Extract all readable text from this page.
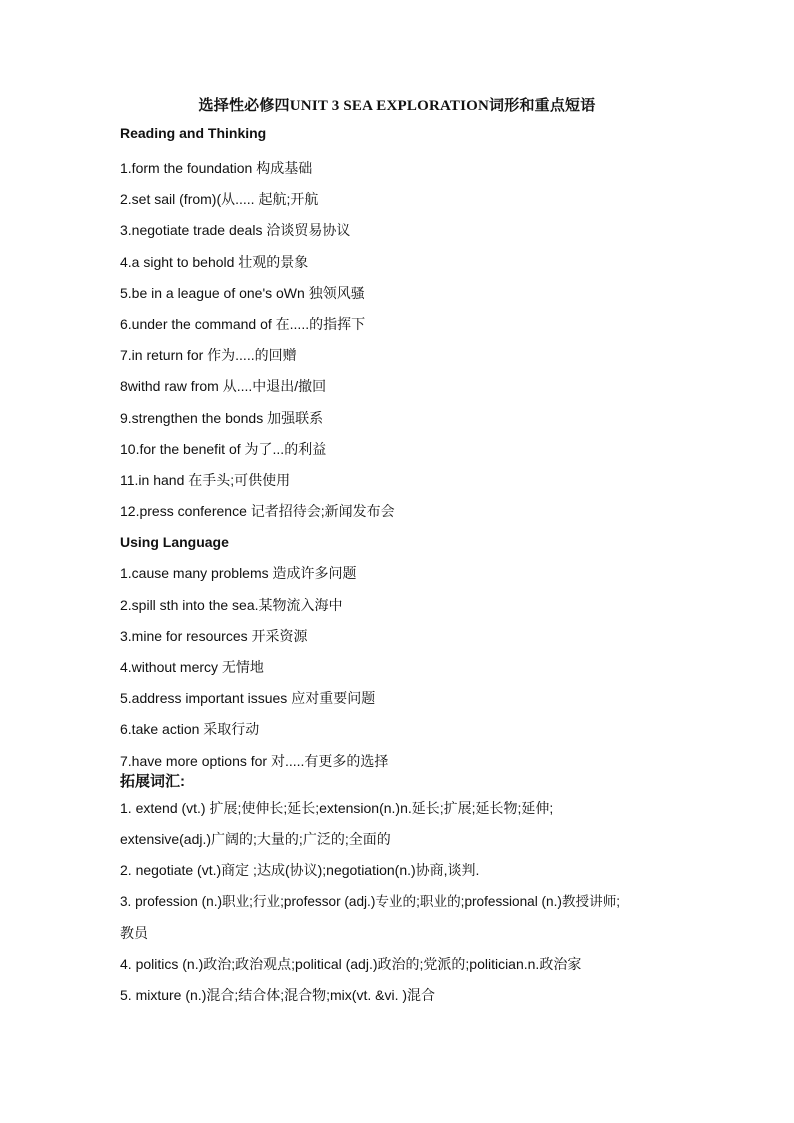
选择性必修四UNIT 3 SEA EXPLORATION词形和重点短语
Reading and Thinking
1.form the foundation 构成基础
2.set sail (from)(从..... 起航;开航
3.negotiate trade deals 洽谈贸易协议
4.a sight to behold 壮观的景象
5.be in a league of one's oWn 独领风骚
6.under the command of 在.....的指挥下
7.in return for 作为.....的回赠
8withd raw from 从....中退出/撤回
9.strengthen the bonds 加强联系
10.for the benefit of 为了...的利益
11.in hand 在手头;可供使用
12.press conference 记者招待会;新闻发布会
Using Language
1.cause many problems 造成许多问题
2.spill sth into the sea.某物流入海中
3.mine for resources 开采资源
4.without mercy 无情地
5.address important issues 应对重要问题
6.take action 采取行动
7.have more options for 对.....有更多的选择
拓展词汇:
1. extend (vt.) 扩展;使伸长;延长;extension(n.)n.延长;扩展;延长物;延伸;
extensive(adj.)广阔的;大量的;广泛的;全面的
2. negotiate (vt.)商定 ;达成(协议);negotiation(n.)协商,谈判.
3. profession (n.)职业;行业;professor (adj.)专业的;职业的;professional (n.)教授讲师;
教员
4. politics (n.)政治;政治观点;political (adj.)政治的;党派的;politician.n.政治家
5. mixture (n.)混合;结合体;混合物;mix(vt. &vi. )混合
